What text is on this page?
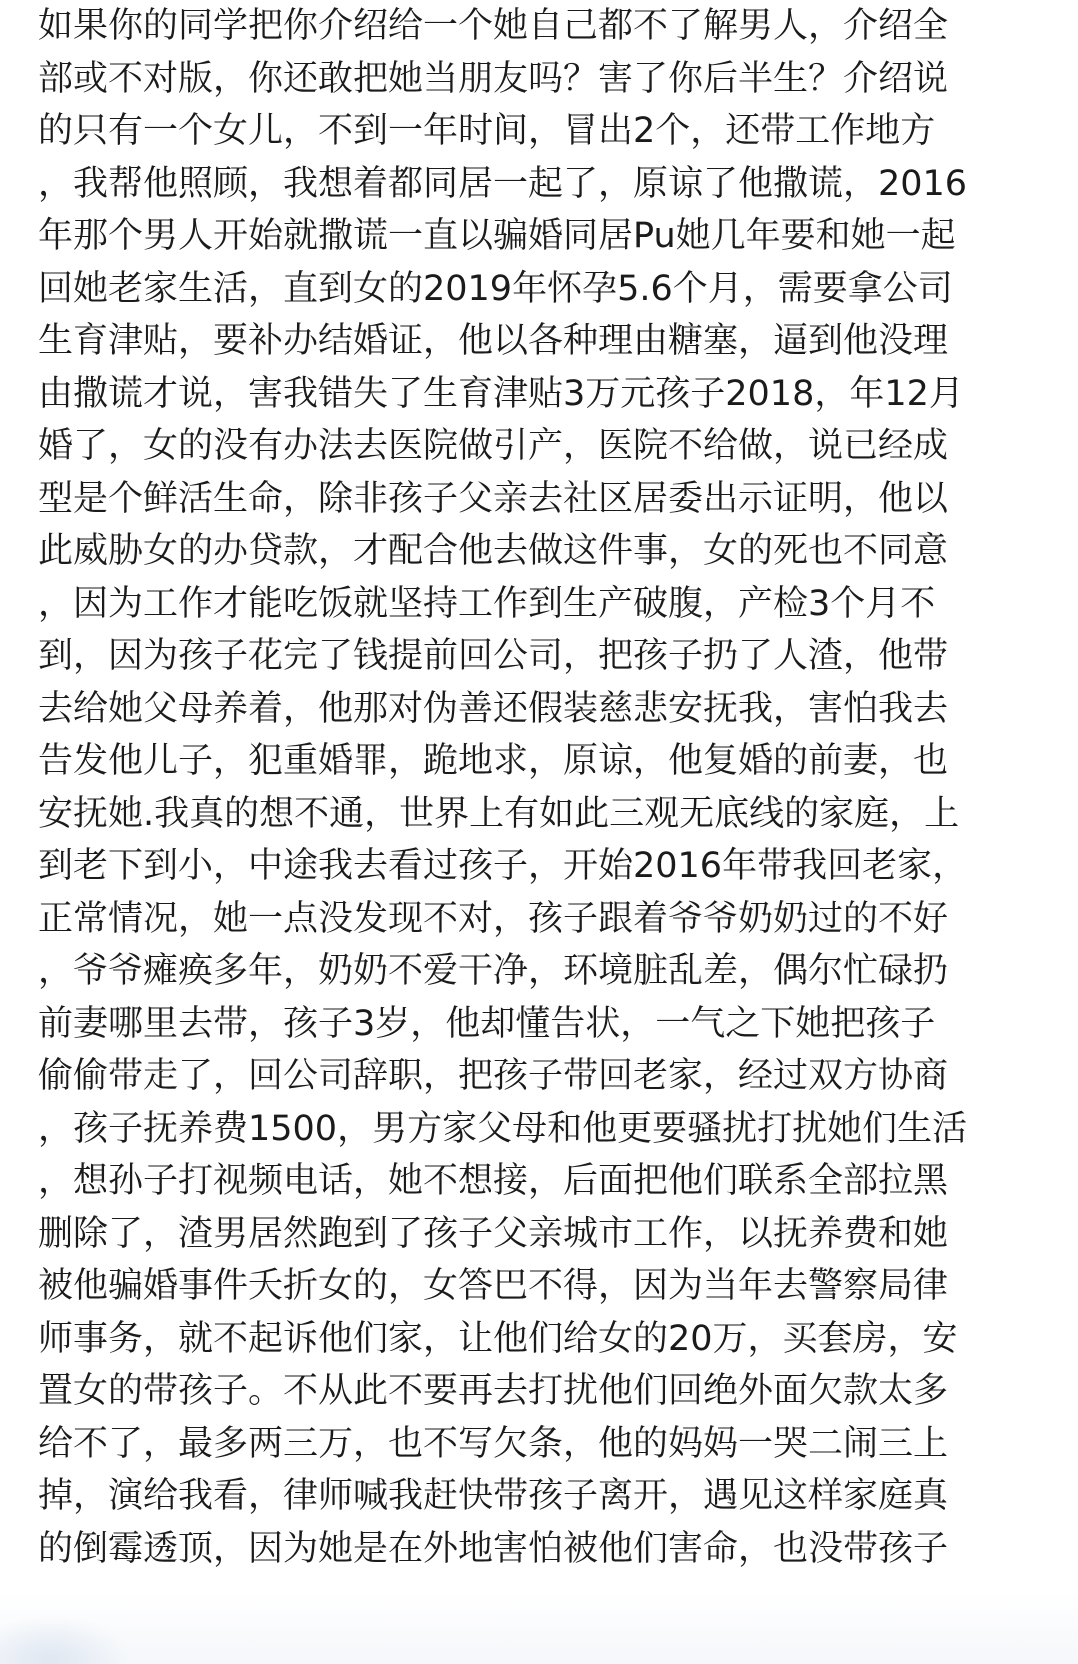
如果你的同学把你介绍给一个她自己都不了解男人，介绍全
部或不对版，你还敢把她当朋友吗？害了你后半生？介绍说
的只有一个女儿，不到一年时间，冒出2个，还带工作地方
，我帮他照顾，我想着都同居一起了，原谅了他撒谎，2016
年那个男人开始就撒谎一直以骗婚同居Pu她几年要和她一起
回她老家生活，直到女的2019年怀孕5.6个月，需要拿公司
生育津贴，要补办结婚证，他以各种理由糖塞，逼到他没理
由撒谎才说，害我错失了生育津贴3万元孩子2018，年12月
婚了，女的没有办法去医院做引产，医院不给做，说已经成
型是个鲜活生命，除非孩子父亲去社区居委出示证明，他以
此威胁女的办贷款，才配合他去做这件事，女的死也不同意
，因为工作才能吃饭就坚持工作到生产破腹，产检3个月不
到，因为孩子花完了钱提前回公司，把孩子扔了人渣，他带
去给她父母养着，他那对伪善还假装慈悲安抚我，害怕我去
告发他儿子，犯重婚罪，跪地求，原谅，他复婚的前妻，也
安抚她.我真的想不通，世界上有如此三观无底线的家庭，上
到老下到小，中途我去看过孩子，开始2016年带我回老家，
正常情况，她一点没发现不对，孩子跟着爷爷奶奶过的不好
，爷爷瘫痪多年，奶奶不爱干净，环境脏乱差，偶尔忙碌扔
前妻哪里去带，孩子3岁，他却懂告状，一气之下她把孩子
偷偷带走了，回公司辞职，把孩子带回老家，经过双方协商
，孩子抚养费1500，男方家父母和他更要骚扰打扰她们生活
，想孙子打视频电话，她不想接，后面把他们联系全部拉黑
删除了，渣男居然跑到了孩子父亲城市工作，以抚养费和她
被他骗婚事件夭折女的，女答巴不得，因为当年去警察局律
师事务，就不起诉他们家，让他们给女的20万，买套房，安
置女的带孩子。不从此不要再去打扰他们回绝外面欠款太多
给不了，最多两三万，也不写欠条，他的妈妈一哭二闹三上
掉，演给我看，律师喊我赶快带孩子离开，遇见这样家庭真
的倒霉透顶，因为她是在外地害怕被他们害命，也没带孩子
